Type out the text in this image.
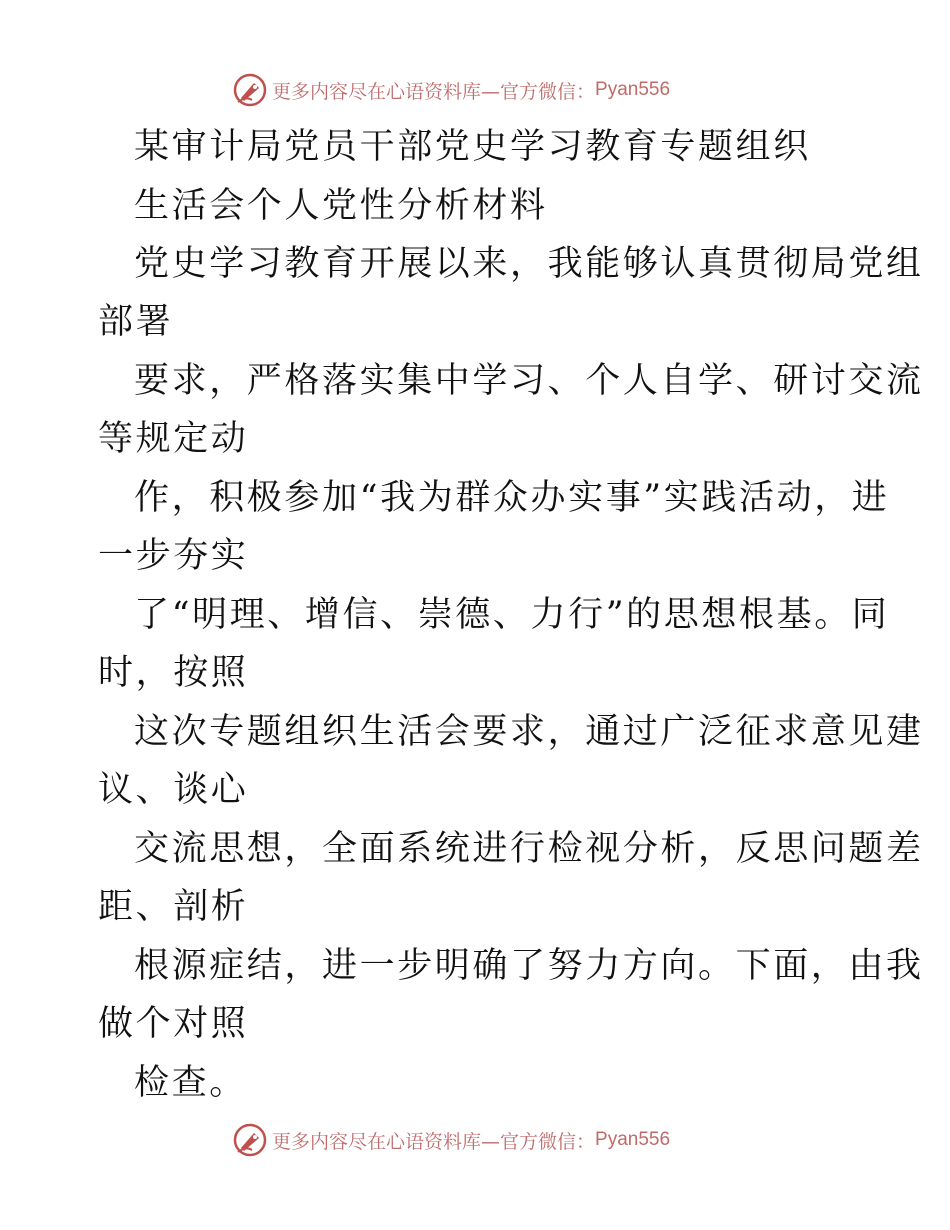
更多内容尽在心语资料库—官方微信： Pyan556
某审计局党员干部党史学习教育专题组织
生活会个人党性分析材料
党史学习教育开展以来，我能够认真贯彻局党组
部署
要求，严格落实集中学习、个人自学、研讨交流
等规定动
作，积极参加“我为群众办实事”实践活动，进
一步夯实
了“明理、增信、崇德、力行”的思想根基。同
时，按照
这次专题组织生活会要求，通过广泛征求意见建
议、谈心
交流思想，全面系统进行检视分析，反思问题差
距、剖析
根源症结，进一步明确了努力方向。下面，由我
做个对照
检查。
更多内容尽在心语资料库—官方微信： Pyan556
